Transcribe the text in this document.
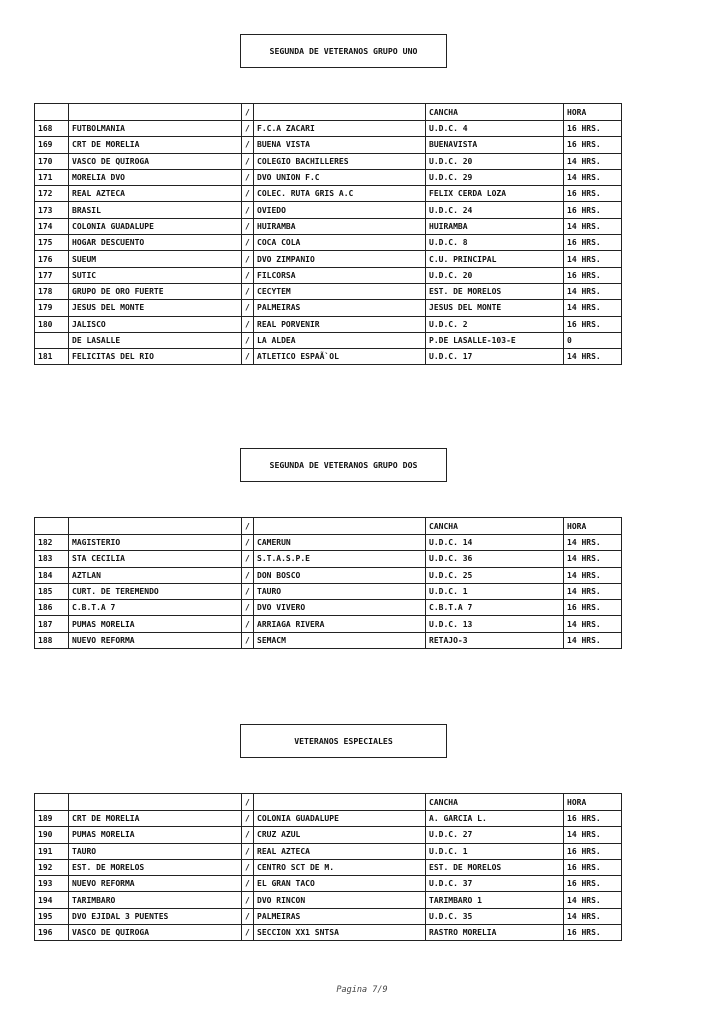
SEGUNDA DE VETERANOS GRUPO UNO
		/		CANCHA	HORA
168	FUTBOLMANIA	/	F.C.A ZACARI	U.D.C. 4	16 HRS.
169	CRT DE MORELIA	/	BUENA VISTA	BUENAVISTA	16 HRS.
170	VASCO DE QUIROGA	/	COLEGIO BACHILLERES	U.D.C. 20	14 HRS.
171	MORELIA DVO	/	DVO UNION F.C	U.D.C. 29	14 HRS.
172	REAL AZTECA	/	COLEC. RUTA GRIS A.C	FELIX CERDA LOZA	16 HRS.
173	BRASIL	/	OVIEDO	U.D.C. 24	16 HRS.
174	COLONIA GUADALUPE	/	HUIRAMBA	HUIRAMBA	14 HRS.
175	HOGAR DESCUENTO	/	COCA COLA	U.D.C. 8	16 HRS.
176	SUEUM	/	DVO ZIMPANIO	C.U. PRINCIPAL	14 HRS.
177	SUTIC	/	FILCORSA	U.D.C. 20	16 HRS.
178	GRUPO DE ORO FUERTE	/	CECYTEM	EST. DE MORELOS	14 HRS.
179	JESUS DEL MONTE	/	PALMEIRAS	JESUS DEL MONTE	14 HRS.
180	JALISCO	/	REAL PORVENIR	U.D.C. 2	16 HRS.
	DE LASALLE	/	LA ALDEA	P.DE LASALLE-103-E	0
181	FELICITAS DEL RIO	/	ATLETICO ESPAÃ`OL	U.D.C. 17	14 HRS.
SEGUNDA DE VETERANOS GRUPO DOS
		/		CANCHA	HORA
182	MAGISTERIO	/	CAMERUN	U.D.C. 14	14 HRS.
183	STA CECILIA	/	S.T.A.S.P.E	U.D.C. 36	14 HRS.
184	AZTLAN	/	DON BOSCO	U.D.C. 25	14 HRS.
185	CURT. DE TEREMENDO	/	TAURO	U.D.C. 1	14 HRS.
186	C.B.T.A 7	/	DVO VIVERO	C.B.T.A 7	16 HRS.
187	PUMAS MORELIA	/	ARRIAGA RIVERA	U.D.C. 13	14 HRS.
188	NUEVO REFORMA	/	SEMACM	RETAJO-3	14 HRS.
VETERANOS ESPECIALES
		/		CANCHA	HORA
189	CRT DE MORELIA	/	COLONIA GUADALUPE	A. GARCIA L.	16 HRS.
190	PUMAS MORELIA	/	CRUZ AZUL	U.D.C. 27	14 HRS.
191	TAURO	/	REAL AZTECA	U.D.C. 1	16 HRS.
192	EST. DE MORELOS	/	CENTRO SCT DE M.	EST. DE MORELOS	16 HRS.
193	NUEVO REFORMA	/	EL GRAN TACO	U.D.C. 37	16 HRS.
194	TARIMBARO	/	DVO RINCON	TARIMBARO 1	14 HRS.
195	DVO EJIDAL 3 PUENTES	/	PALMEIRAS	U.D.C. 35	14 HRS.
196	VASCO DE QUIROGA	/	SECCION XX1 SNTSA	RASTRO MORELIA	16 HRS.
Pagina 7/9
